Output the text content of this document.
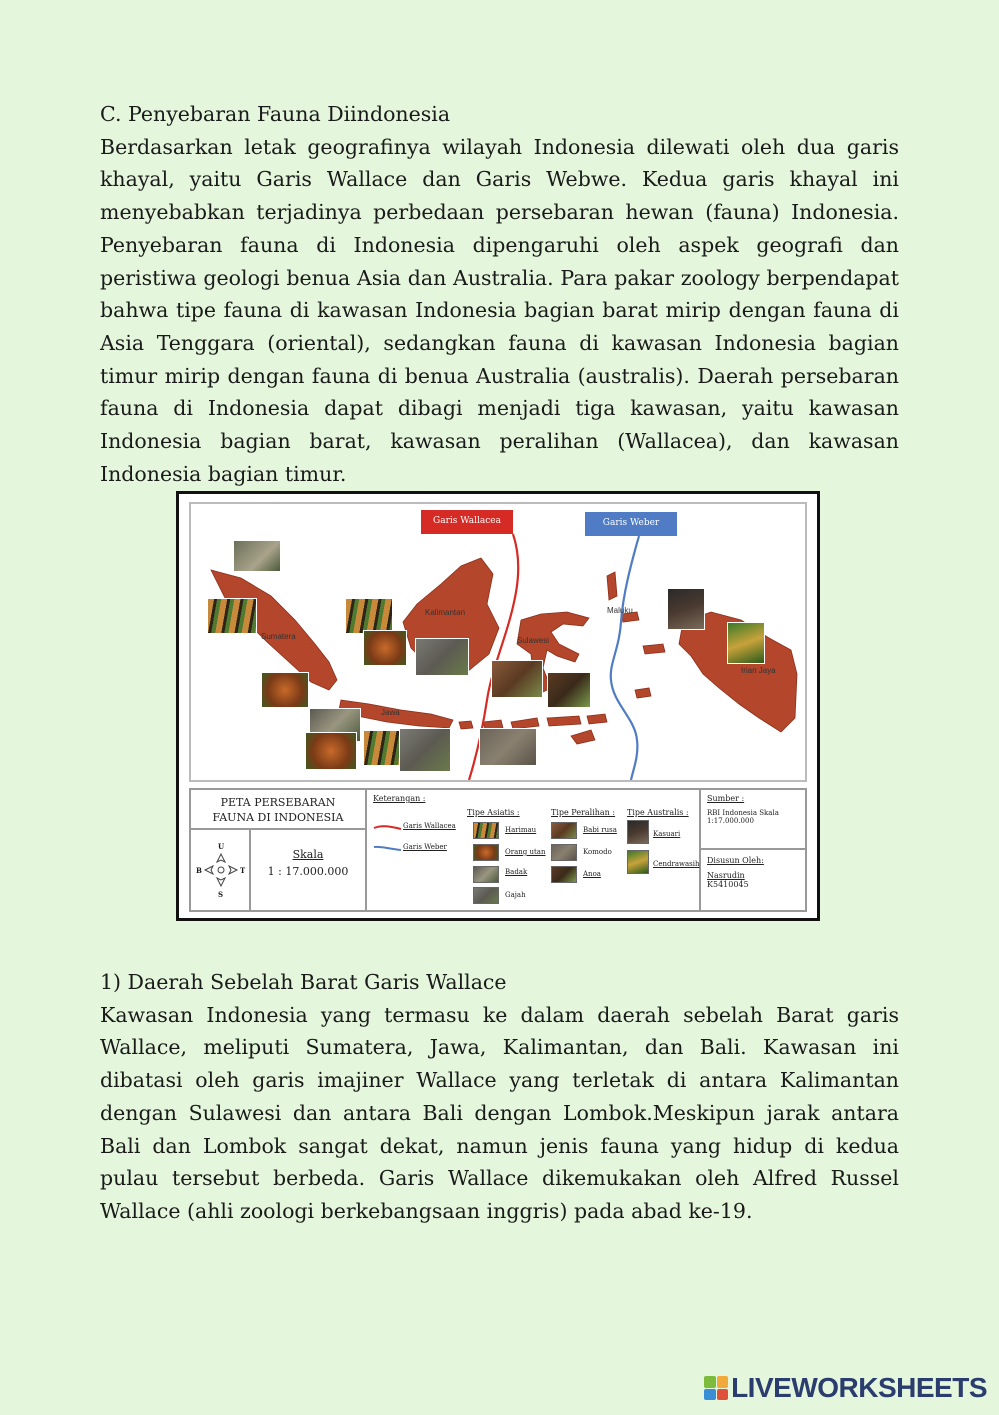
C. Penyebaran Fauna Diindonesia

Berdasarkan letak geografinya wilayah Indonesia dilewati oleh dua garis khayal, yaitu Garis Wallace dan Garis Webwe. Kedua garis khayal ini menyebabkan terjadinya perbedaan persebaran hewan (fauna) Indonesia. Penyebaran fauna di Indonesia dipengaruhi oleh aspek geografi dan peristiwa geologi benua Asia dan Australia. Para pakar zoology berpendapat bahwa tipe fauna di kawasan Indonesia bagian barat mirip dengan fauna di Asia Tenggara (oriental), sedangkan fauna di kawasan Indonesia bagian timur mirip dengan fauna di benua Australia (australis). Daerah persebaran fauna di Indonesia dapat dibagi menjadi tiga kawasan, yaitu kawasan Indonesia bagian barat, kawasan peralihan (Wallacea), dan kawasan Indonesia bagian timur.

Garis Wallacea	Garis Weber
Sumatera
Kalimantan
Sulawesi
Maluku
Irian Jaya
Jawa
PETA PERSEBARAN
FAUNA DI INDONESIA
U
S
B	T
Skala
1 : 17.000.000
Keterangan :
Garis Wallacea
Garis Weber
Tipe Asiatis :
Harimau
Orang utan
Badak
Gajah
Tipe Peralihan :
Babi rusa
Komodo
Anoa
Tipe Australis :
Kasuari
Cendrawasih
Sumber :
RBI Indonesia Skala
1:17.000.000
Disusun Oleh:
Nasrudin
K5410045

1) Daerah Sebelah Barat Garis Wallace

Kawasan Indonesia yang termasu ke dalam daerah sebelah Barat garis Wallace, meliputi Sumatera, Jawa, Kalimantan, dan Bali. Kawasan ini dibatasi oleh garis imajiner Wallace yang terletak di antara Kalimantan dengan Sulawesi dan antara Bali dengan Lombok.Meskipun jarak antara Bali dan Lombok sangat dekat, namun jenis fauna yang hidup di kedua pulau tersebut berbeda. Garis Wallace dikemukakan oleh Alfred Russel Wallace (ahli zoologi berkebangsaan inggris) pada abad ke-19.

LIVEWORKSHEETS
